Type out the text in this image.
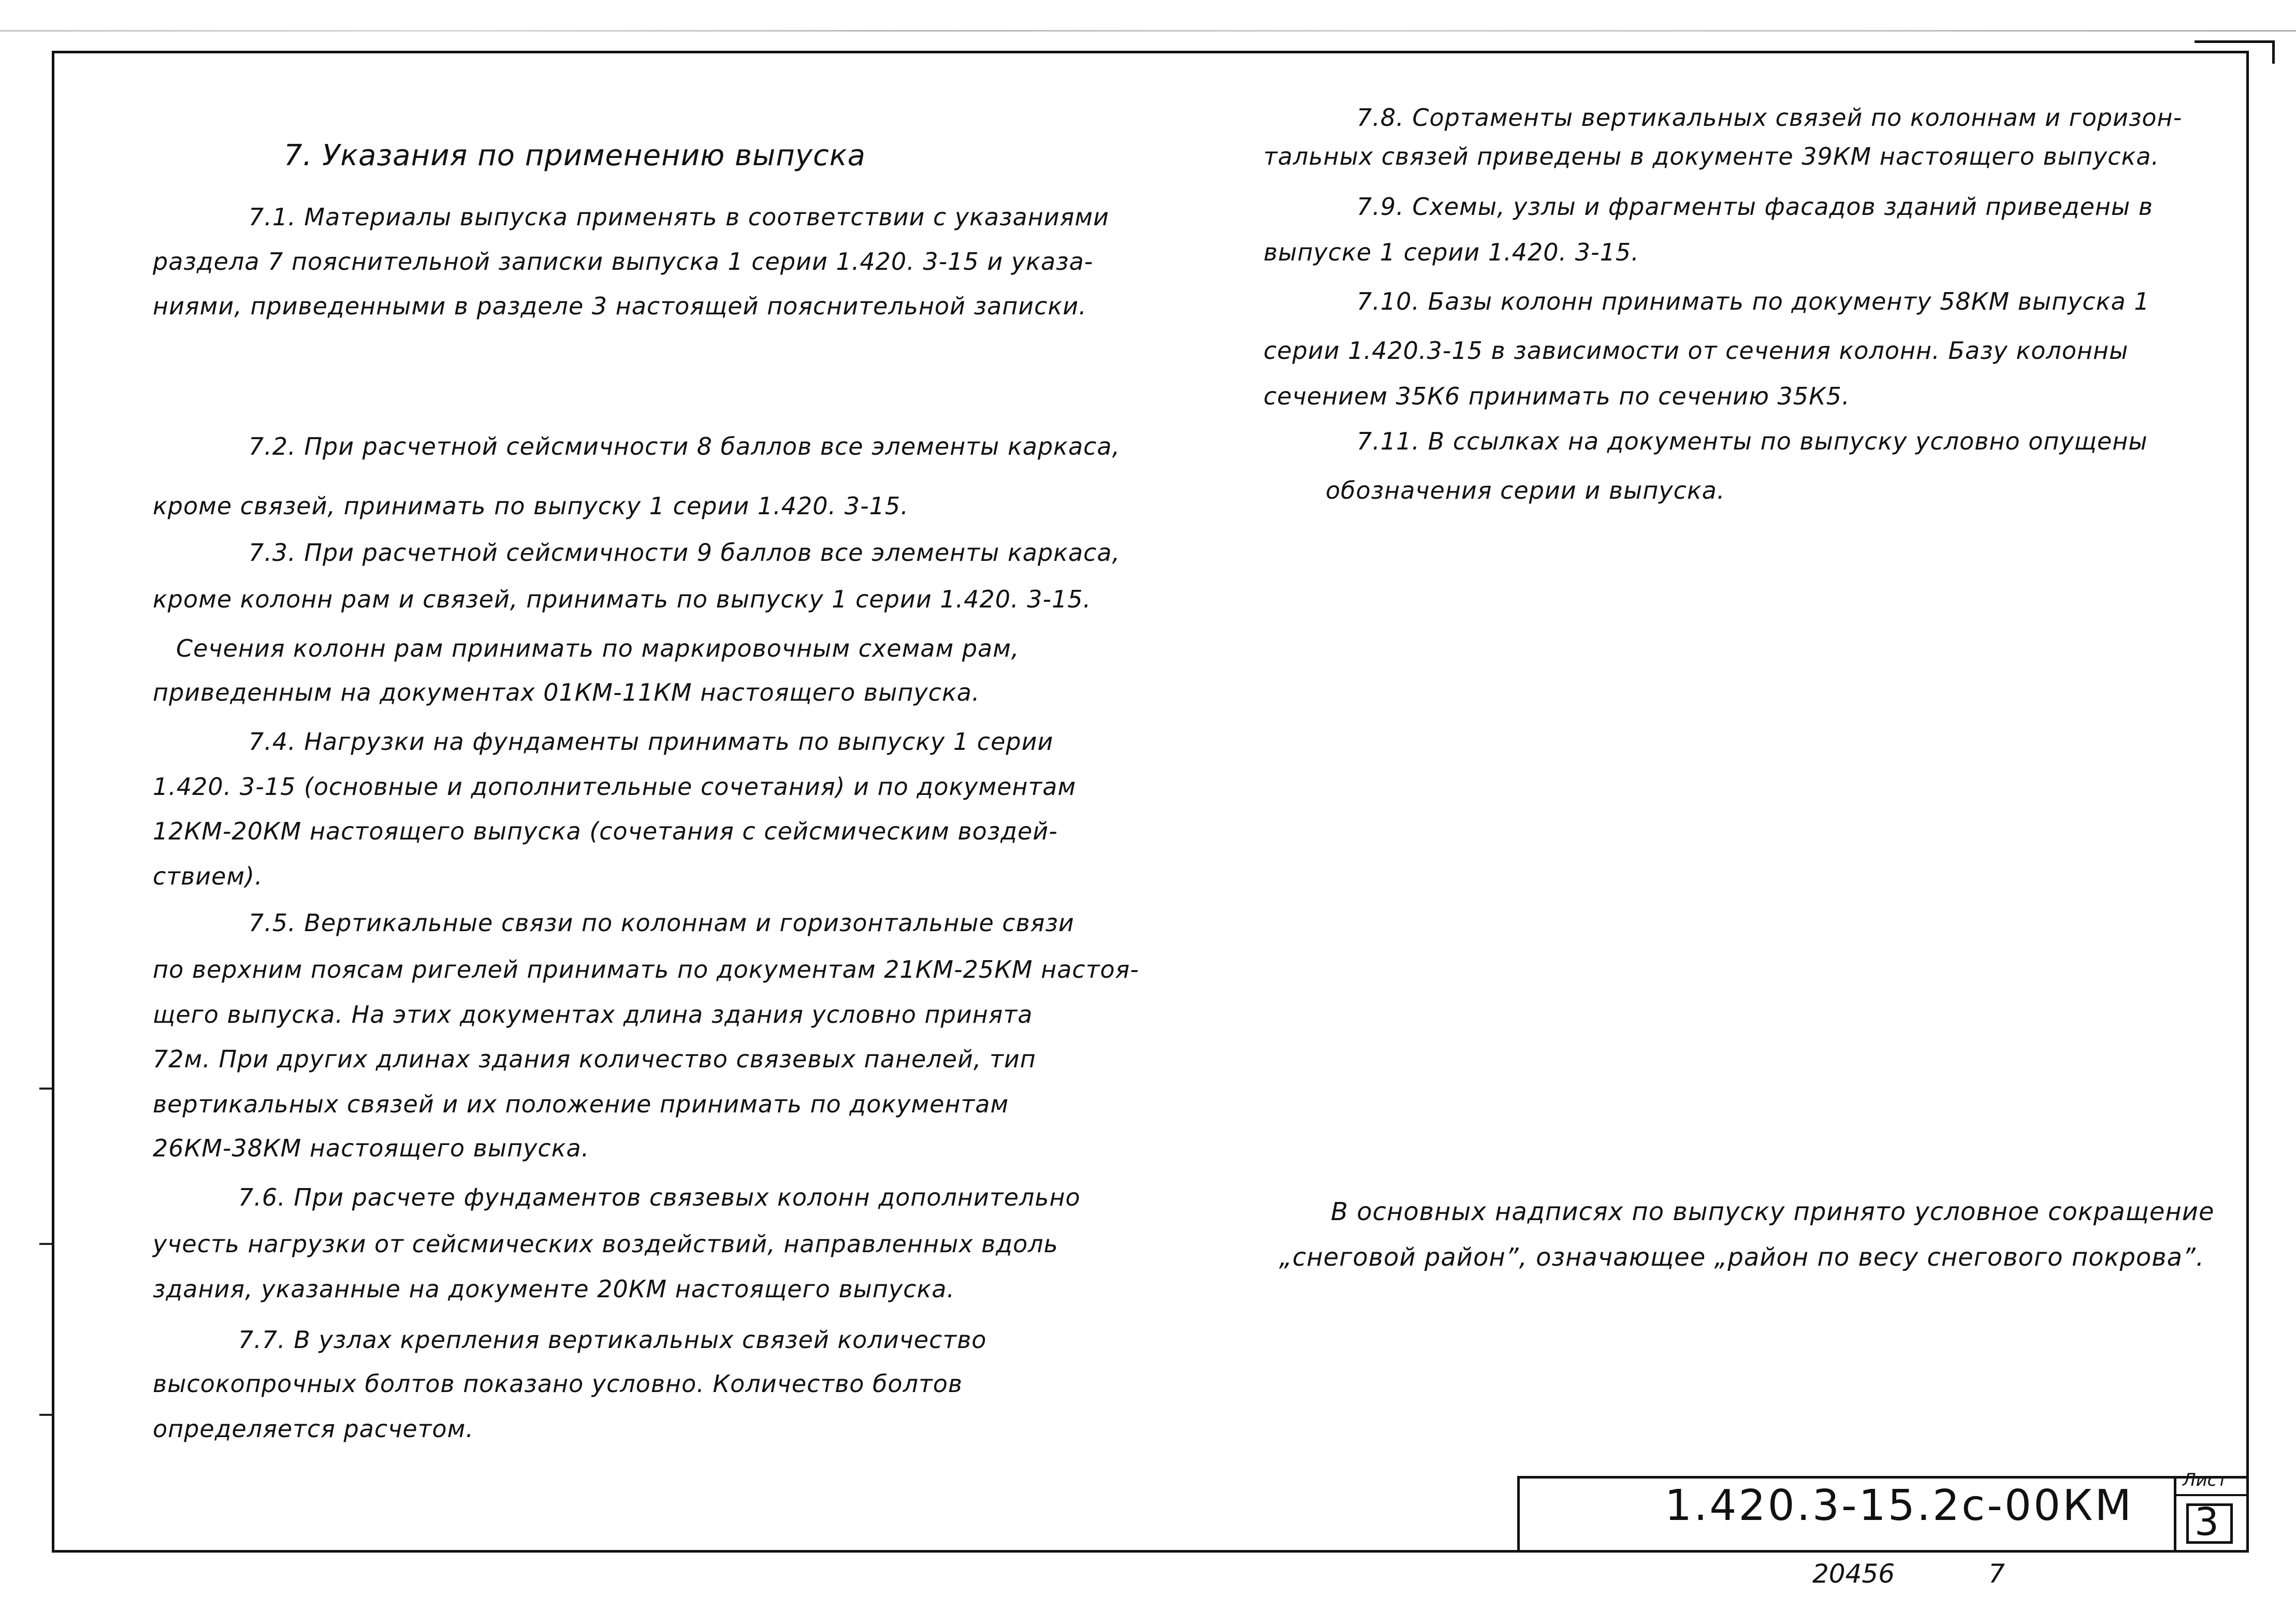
7. Указания по применению выпуска
7.1. Материалы выпуска применять в соответствии с указаниями
раздела 7 пояснительной записки выпуска 1 серии 1.420. 3-15 и указа-
ниями, приведенными в разделе 3 настоящей пояснительной записки.
7.2. При расчетной сейсмичности 8 баллов все элементы каркаса,
кроме связей, принимать по выпуску 1 серии 1.420. 3-15.
7.3. При расчетной сейсмичности 9 баллов все элементы каркаса,
кроме колонн рам и связей, принимать по выпуску 1 серии 1.420. 3-15.
Сечения колонн рам принимать по маркировочным схемам рам,
приведенным на документах 01КМ-11КМ настоящего выпуска.
7.4. Нагрузки на фундаменты принимать по выпуску 1 серии
1.420. 3-15 (основные и дополнительные сочетания) и по документам
12КМ-20КМ настоящего выпуска (сочетания с сейсмическим воздей-
ствием).
7.5. Вертикальные связи по колоннам и горизонтальные связи
по верхним поясам ригелей принимать по документам 21КМ-25КМ настоя-
щего выпуска. На этих документах длина здания условно принята
72м. При других длинах здания количество связевых панелей, тип
вертикальных связей и их положение принимать по документам
26КМ-38КМ настоящего выпуска.
7.6. При расчете фундаментов связевых колонн дополнительно
учесть нагрузки от сейсмических воздействий, направленных вдоль
здания, указанные на документе 20КМ настоящего выпуска.
7.7. В узлах крепления вертикальных связей количество
высокопрочных болтов показано условно. Количество болтов
определяется расчетом.
7.8. Сортаменты вертикальных связей по колоннам и горизон-
тальных связей приведены в документе 39КМ настоящего выпуска.
7.9. Схемы, узлы и фрагменты фасадов зданий приведены в
выпуске 1 серии 1.420. 3-15.
7.10. Базы колонн принимать по документу 58КМ выпуска 1
серии 1.420.3-15 в зависимости от сечения колонн. Базу колонны
сечением 35К6 принимать по сечению 35К5.
7.11. В ссылках на документы по выпуску условно опущены
обозначения серии и выпуска.
В основных надписях по выпуску принято условное сокращение
„снеговой район”, означающее „район по весу снегового покрова”.
1.420.3-15.2с-00КМ
Лист
3
20456	7
